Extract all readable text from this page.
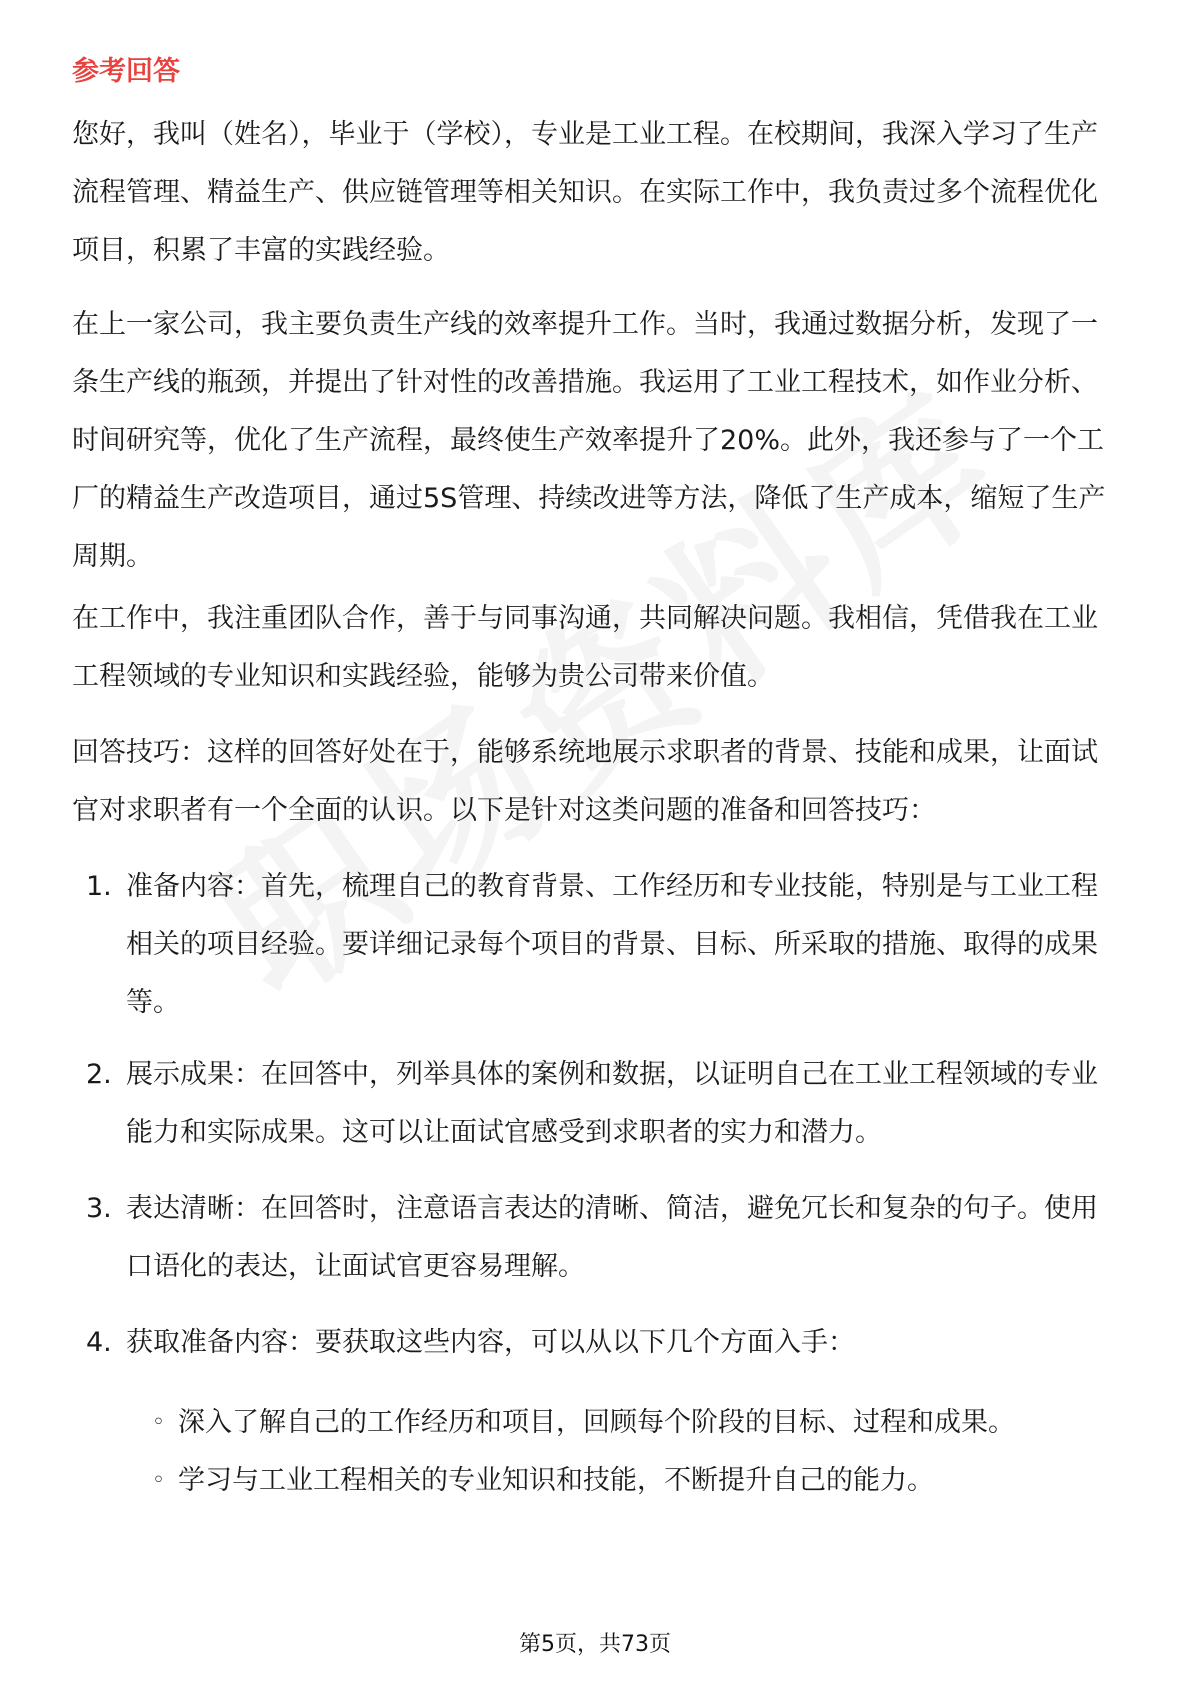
参考回答

您好，我叫（姓名），毕业于（学校），专业是工业工程。在校期间，我深入学习了生产流程管理、精益生产、供应链管理等相关知识。在实际工作中，我负责过多个流程优化项目，积累了丰富的实践经验。

在上一家公司，我主要负责生产线的效率提升工作。当时，我通过数据分析，发现了一条生产线的瓶颈，并提出了针对性的改善措施。我运用了工业工程技术，如作业分析、时间研究等，优化了生产流程，最终使生产效率提升了20%。此外，我还参与了一个工厂的精益生产改造项目，通过5S管理、持续改进等方法，降低了生产成本，缩短了生产周期。

在工作中，我注重团队合作，善于与同事沟通，共同解决问题。我相信，凭借我在工业工程领域的专业知识和实践经验，能够为贵公司带来价值。

回答技巧：这样的回答好处在于，能够系统地展示求职者的背景、技能和成果，让面试官对求职者有一个全面的认识。以下是针对这类问题的准备和回答技巧：

1. 准备内容：首先，梳理自己的教育背景、工作经历和专业技能，特别是与工业工程相关的项目经验。要详细记录每个项目的背景、目标、所采取的措施、取得的成果等。
2. 展示成果：在回答中，列举具体的案例和数据，以证明自己在工业工程领域的专业能力和实际成果。这可以让面试官感受到求职者的实力和潜力。
3. 表达清晰：在回答时，注意语言表达的清晰、简洁，避免冗长和复杂的句子。使用口语化的表达，让面试官更容易理解。
4. 获取准备内容：要获取这些内容，可以从以下几个方面入手：
◦ 深入了解自己的工作经历和项目，回顾每个阶段的目标、过程和成果。
◦ 学习与工业工程相关的专业知识和技能，不断提升自己的能力。
第5页，共73页
